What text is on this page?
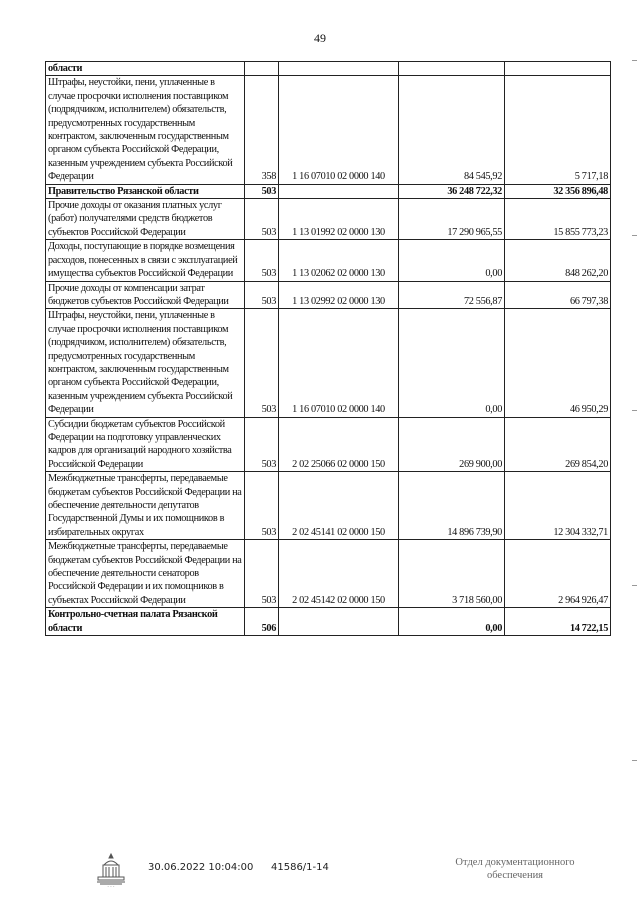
49
области				
Штрафы, неустойки, пени, уплаченные в случае просрочки исполнения поставщиком (подрядчиком, исполнителем) обязательств, предусмотренных государственным контрактом, заключенным государственным органом субъекта Российской Федерации, казенным учреждением субъекта Российской Федерации	358	1 16 07010 02 0000 140	84 545,92	5 717,18
Правительство Рязанской области	503		36 248 722,32	32 356 896,48
Прочие доходы от оказания платных услуг (работ) получателями средств бюджетов субъектов Российской Федерации	503	1 13 01992 02 0000 130	17 290 965,55	15 855 773,23
Доходы, поступающие в порядке возмещения расходов, понесенных в связи с эксплуатацией имущества субъектов Российской Федерации	503	1 13 02062 02 0000 130	0,00	848 262,20
Прочие доходы от компенсации затрат бюджетов субъектов Российской Федерации	503	1 13 02992 02 0000 130	72 556,87	66 797,38
Штрафы, неустойки, пени, уплаченные в случае просрочки исполнения поставщиком (подрядчиком, исполнителем) обязательств, предусмотренных государственным контрактом, заключенным государственным органом субъекта Российской Федерации, казенным учреждением субъекта Российской Федерации	503	1 16 07010 02 0000 140	0,00	46 950,29
Субсидии бюджетам субъектов Российской Федерации на подготовку управленческих кадров для организаций народного хозяйства Российской Федерации	503	2 02 25066 02 0000 150	269 900,00	269 854,20
Межбюджетные трансферты, передаваемые бюджетам субъектов Российской Федерации на обеспечение деятельности депутатов Государственной Думы и их помощников в избирательных округах	503	2 02 45141 02 0000 150	14 896 739,90	12 304 332,71
Межбюджетные трансферты, передаваемые бюджетам субъектов Российской Федерации на обеспечение деятельности сенаторов Российской Федерации и их помощников в субъектах Российской Федерации	503	2 02 45142 02 0000 150	3 718 560,00	2 964 926,47
Контрольно-счетная палата Рязанской области	506		0,00	14 722,15
· · ·
30.06.2022 10:04:00 41586/1-14	Отдел документационного обеспечения
